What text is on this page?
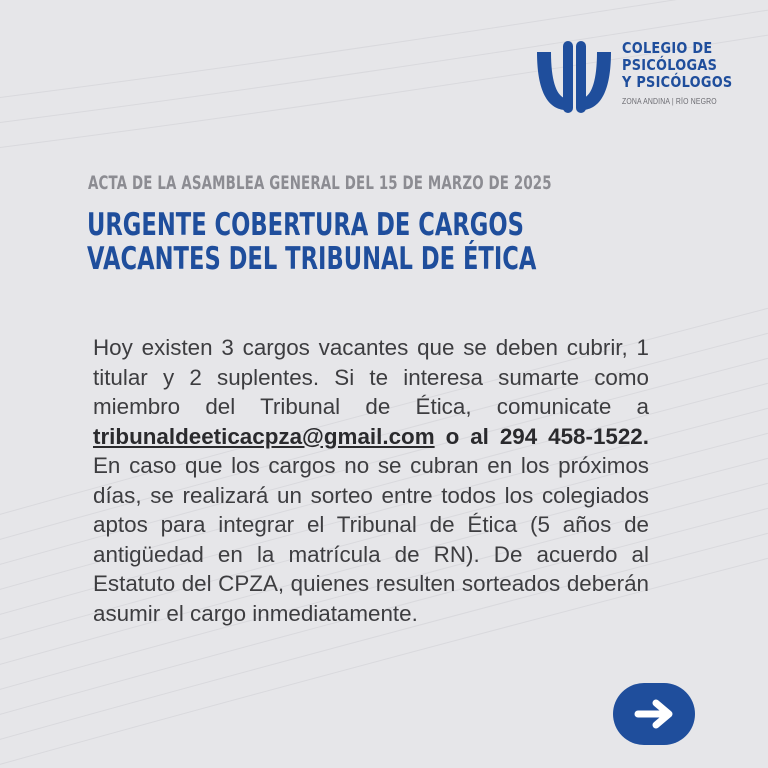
COLEGIO DE
PSICÓLOGAS
Y PSICÓLOGOS
ZONA ANDINA | RÍO NEGRO
ACTA DE LA ASAMBLEA GENERAL DEL 15 DE MARZO DE 2025
URGENTE COBERTURA DE CARGOS
VACANTES DEL TRIBUNAL DE ÉTICA
Hoy existen 3 cargos vacantes que se deben cubrir, 1 titular y 2 suplentes. Si te interesa sumarte como miembro del Tribunal de Ética, comunicate a tribunaldeeticacpza@gmail.com o al 294 458-1522. En caso que los cargos no se cubran en los próximos días, se realizará un sorteo entre todos los colegiados aptos para integrar el Tribunal de Ética (5 años de antigüedad en la matrícula de RN). De acuerdo al Estatuto del CPZA, quienes resulten sorteados deberán asumir el cargo inmediatamente.
